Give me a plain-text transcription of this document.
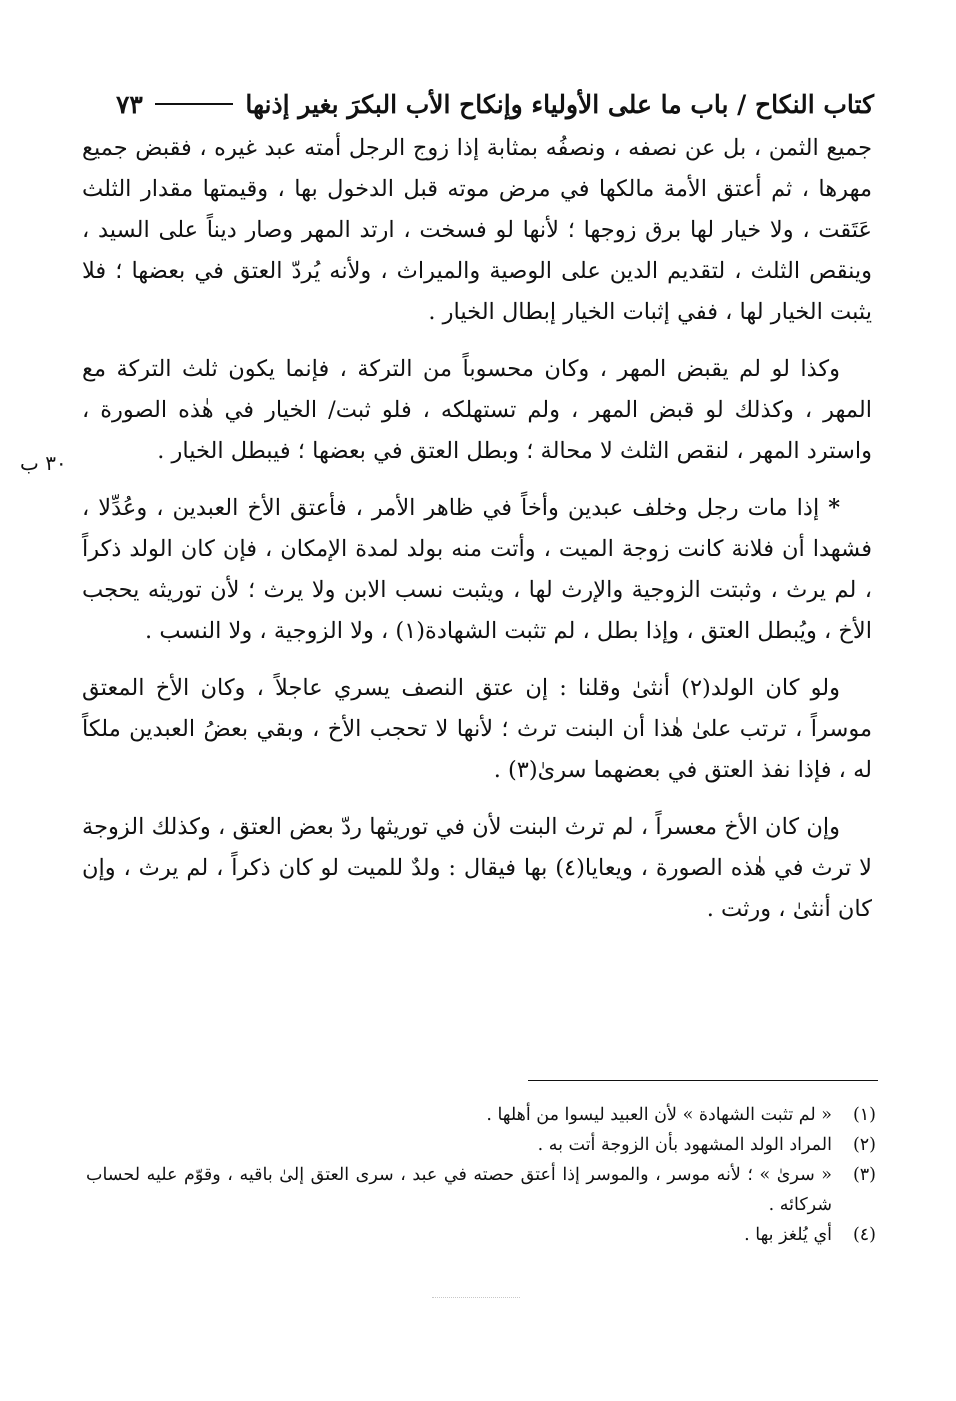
كتاب النكاح / باب ما على الأولياء وإنكاح الأب البكرَ بغير إذنها
٧٣
٣٠ ب

جميع الثمن ، بل عن نصفه ، ونصفُه بمثابة إذا زوج الرجل أمته عبد غيره ، فقبض جميع مهرها ، ثم أعتق الأمة مالكها في مرض موته قبل الدخول بها ، وقيمتها مقدار الثلث عَتَقت ، ولا خيار لها برق زوجها ؛ لأنها لو فسخت ، ارتد المهر وصار ديناً على السيد ، وينقص الثلث ، لتقديم الدين على الوصية والميراث ، ولأنه يُردّ العتق في بعضها ؛ فلا يثبت الخيار لها ، ففي إثبات الخيار إبطال الخيار .

وكذا لو لم يقبض المهر ، وكان محسوباً من التركة ، فإنما يكون ثلث التركة مع المهر ، وكذلك لو قبض المهر ، ولم تستهلكه ، فلو ثبت/ الخيار في هٰذه الصورة ، واسترد المهر ، لنقص الثلث لا محالة ؛ وبطل العتق في بعضها ؛ فيبطل الخيار .

* إذا مات رجل وخلف عبدين وأخاً في ظاهر الأمر ، فأعتق الأخ العبدين ، وعُدِّلا ، فشهدا أن فلانة كانت زوجة الميت ، وأتت منه بولد لمدة الإمكان ، فإن كان الولد ذكراً ، لم يرث ، وثبتت الزوجية والإرث لها ، ويثبت نسب الابن ولا يرث ؛ لأن توريثه يحجب الأخ ، ويُبطل العتق ، وإذا بطل ، لم تثبت الشهادة(١) ، ولا الزوجية ، ولا النسب .

ولو كان الولد(٢) أنثىٰ وقلنا : إن عتق النصف يسري عاجلاً ، وكان الأخ المعتق موسراً ، ترتب علىٰ هٰذا أن البنت ترث ؛ لأنها لا تحجب الأخ ، وبقي بعضُ العبدين ملكاً له ، فإذا نفذ العتق في بعضهما سرىٰ(٣) .

وإن كان الأخ معسراً ، لم ترث البنت لأن في توريثها ردّ بعض العتق ، وكذلك الزوجة لا ترث في هٰذه الصورة ، ويعايا(٤) بها فيقال : ولدٌ للميت لو كان ذكراً ، لم يرث ، وإن كان أنثىٰ ، ورثت .

(١)
« لم تثبت الشهادة » لأن العبيد ليسوا من أهلها .
(٢)
المراد الولد المشهود بأن الزوجة أتت به .
(٣)
« سرىٰ » ؛ لأنه موسر ، والموسر إذا أعتق حصته في عبد ، سرى العتق إلىٰ باقيه ، وقوّم عليه لحساب شركائه .
(٤)
أي يُلغز بها .
